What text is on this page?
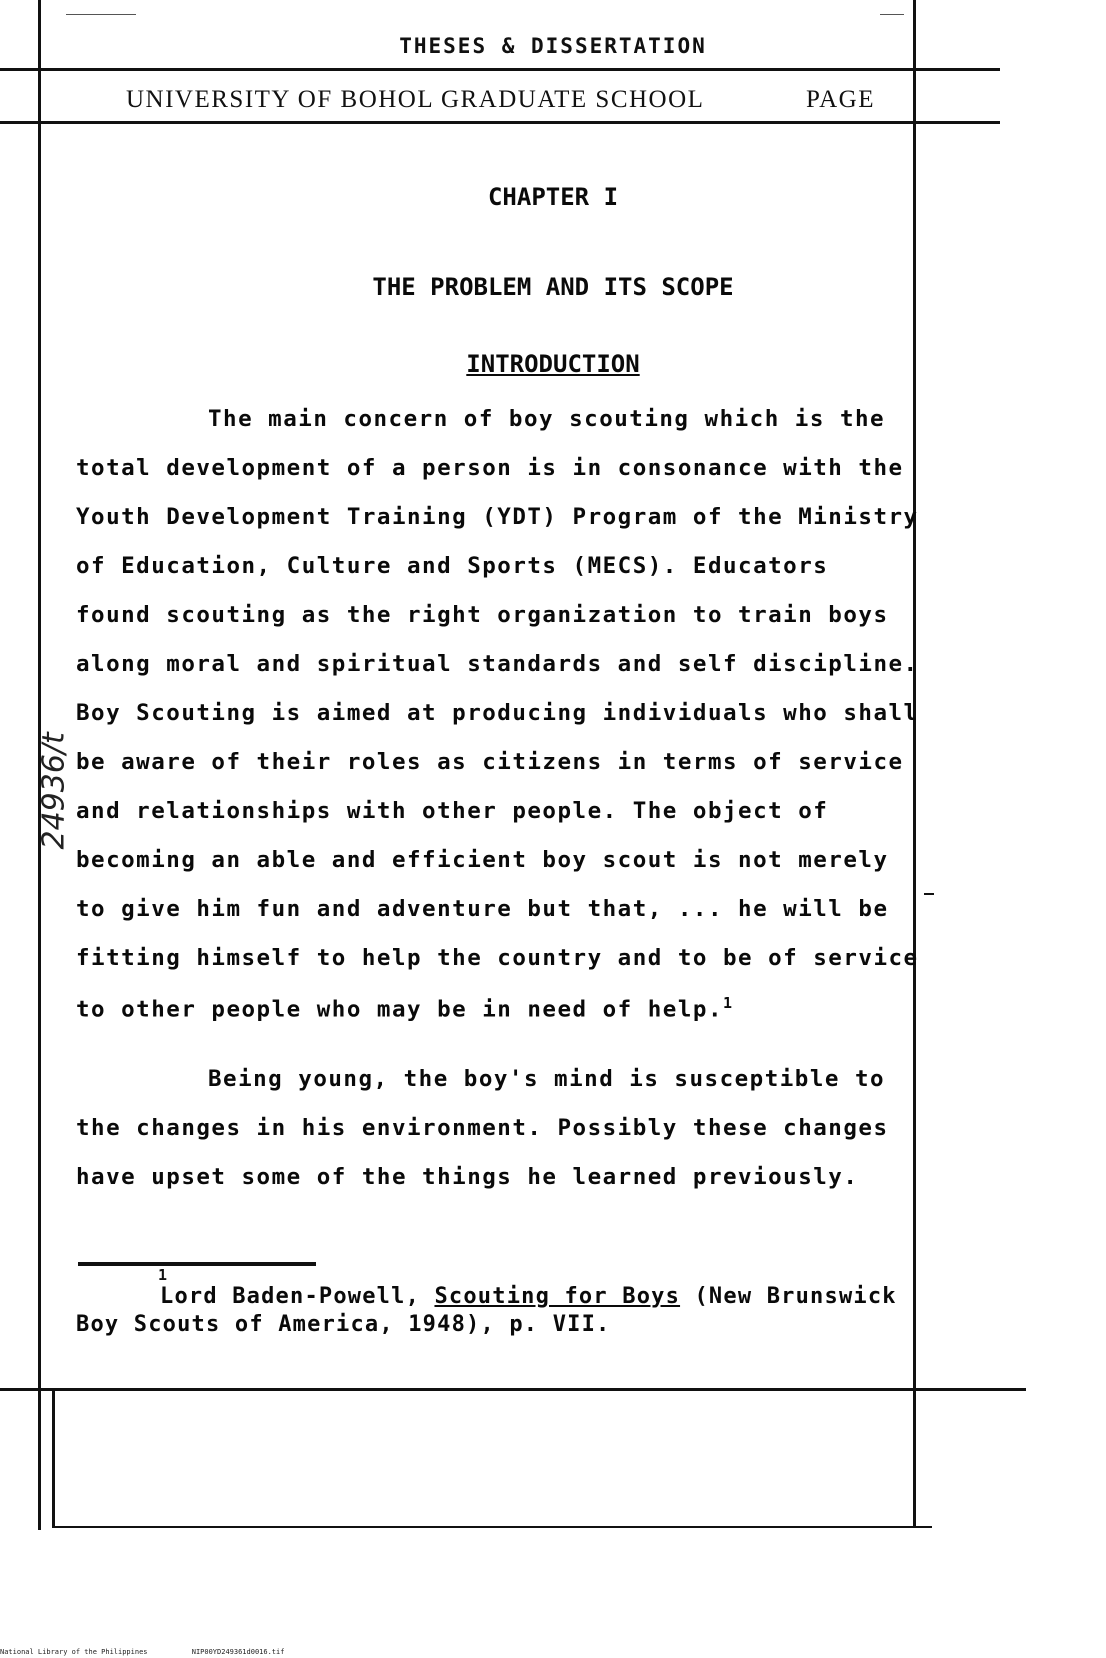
THESES & DISSERTATION
UNIVERSITY OF BOHOL GRADUATE SCHOOL	PAGE
CHAPTER I
THE PROBLEM AND ITS SCOPE
INTRODUCTION
The main concern of boy scouting which is the
total development of a person is in consonance with the
Youth Development Training (YDT) Program of the Ministry
of Education, Culture and Sports (MECS). Educators
found scouting as the right organization to train boys
along moral and spiritual standards and self discipline.
Boy Scouting is aimed at producing individuals who shall
be aware of their roles as citizens in terms of service
and relationships with other people. The object of
becoming an able and efficient boy scout is not merely
to give him fun and adventure but that, ... he will be
fitting himself to help the country and to be of service
to other people who may be in need of help.$^1$
Being young, the boy's mind is susceptible to
the changes in his environment. Possibly these changes
have upset some of the things he learned previously.
1
Lord Baden-Powell, Scouting for Boys (New Brunswick
Boy Scouts of America, 1948), p. VII.
24936/t
National Library of the Philippines	NIP00YD249361d0016.tif
